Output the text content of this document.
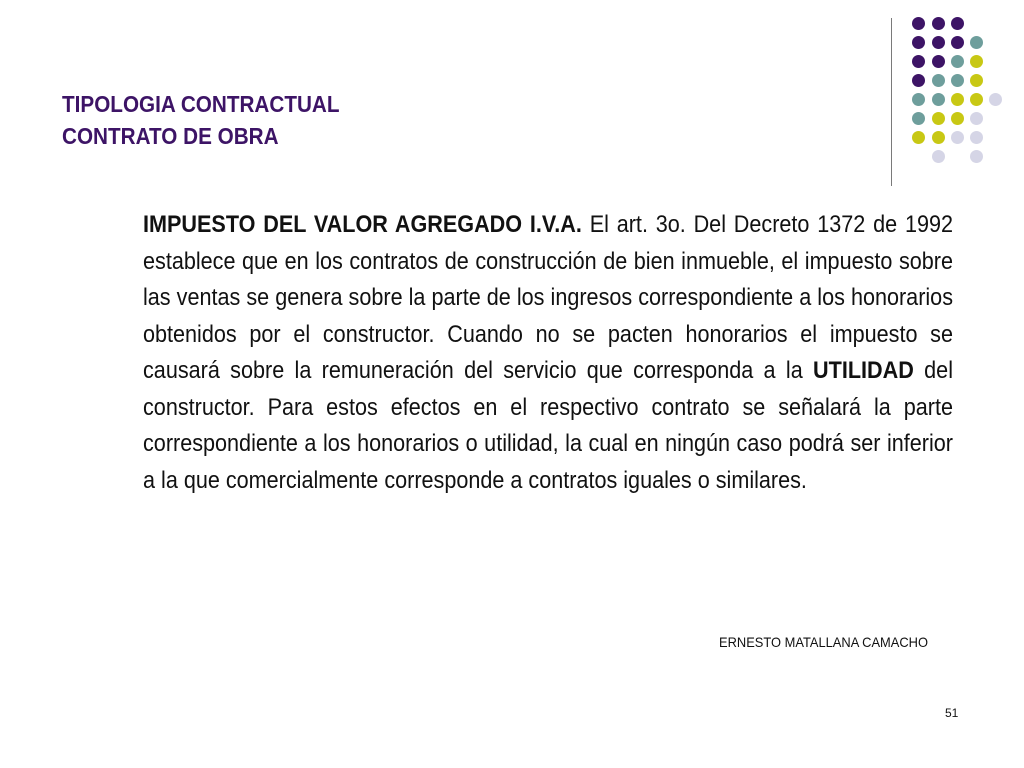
TIPOLOGIA CONTRACTUAL
CONTRATO DE OBRA
IMPUESTO DEL VALOR AGREGADO I.V.A. El art. 3o. Del Decreto 1372 de 1992 establece que en los contratos de construcción de bien inmueble, el impuesto sobre las ventas se genera sobre la parte de los ingresos correspondiente a los honorarios obtenidos por el constructor. Cuando no se pacten honorarios el impuesto se causará sobre la remuneración del servicio que corresponda a la UTILIDAD del constructor. Para estos efectos en el respectivo contrato se señalará la parte correspondiente a los honorarios o utilidad, la cual en ningún caso podrá ser inferior a la que comercialmente corresponde a contratos iguales o similares.
ERNESTO MATALLANA CAMACHO
51
